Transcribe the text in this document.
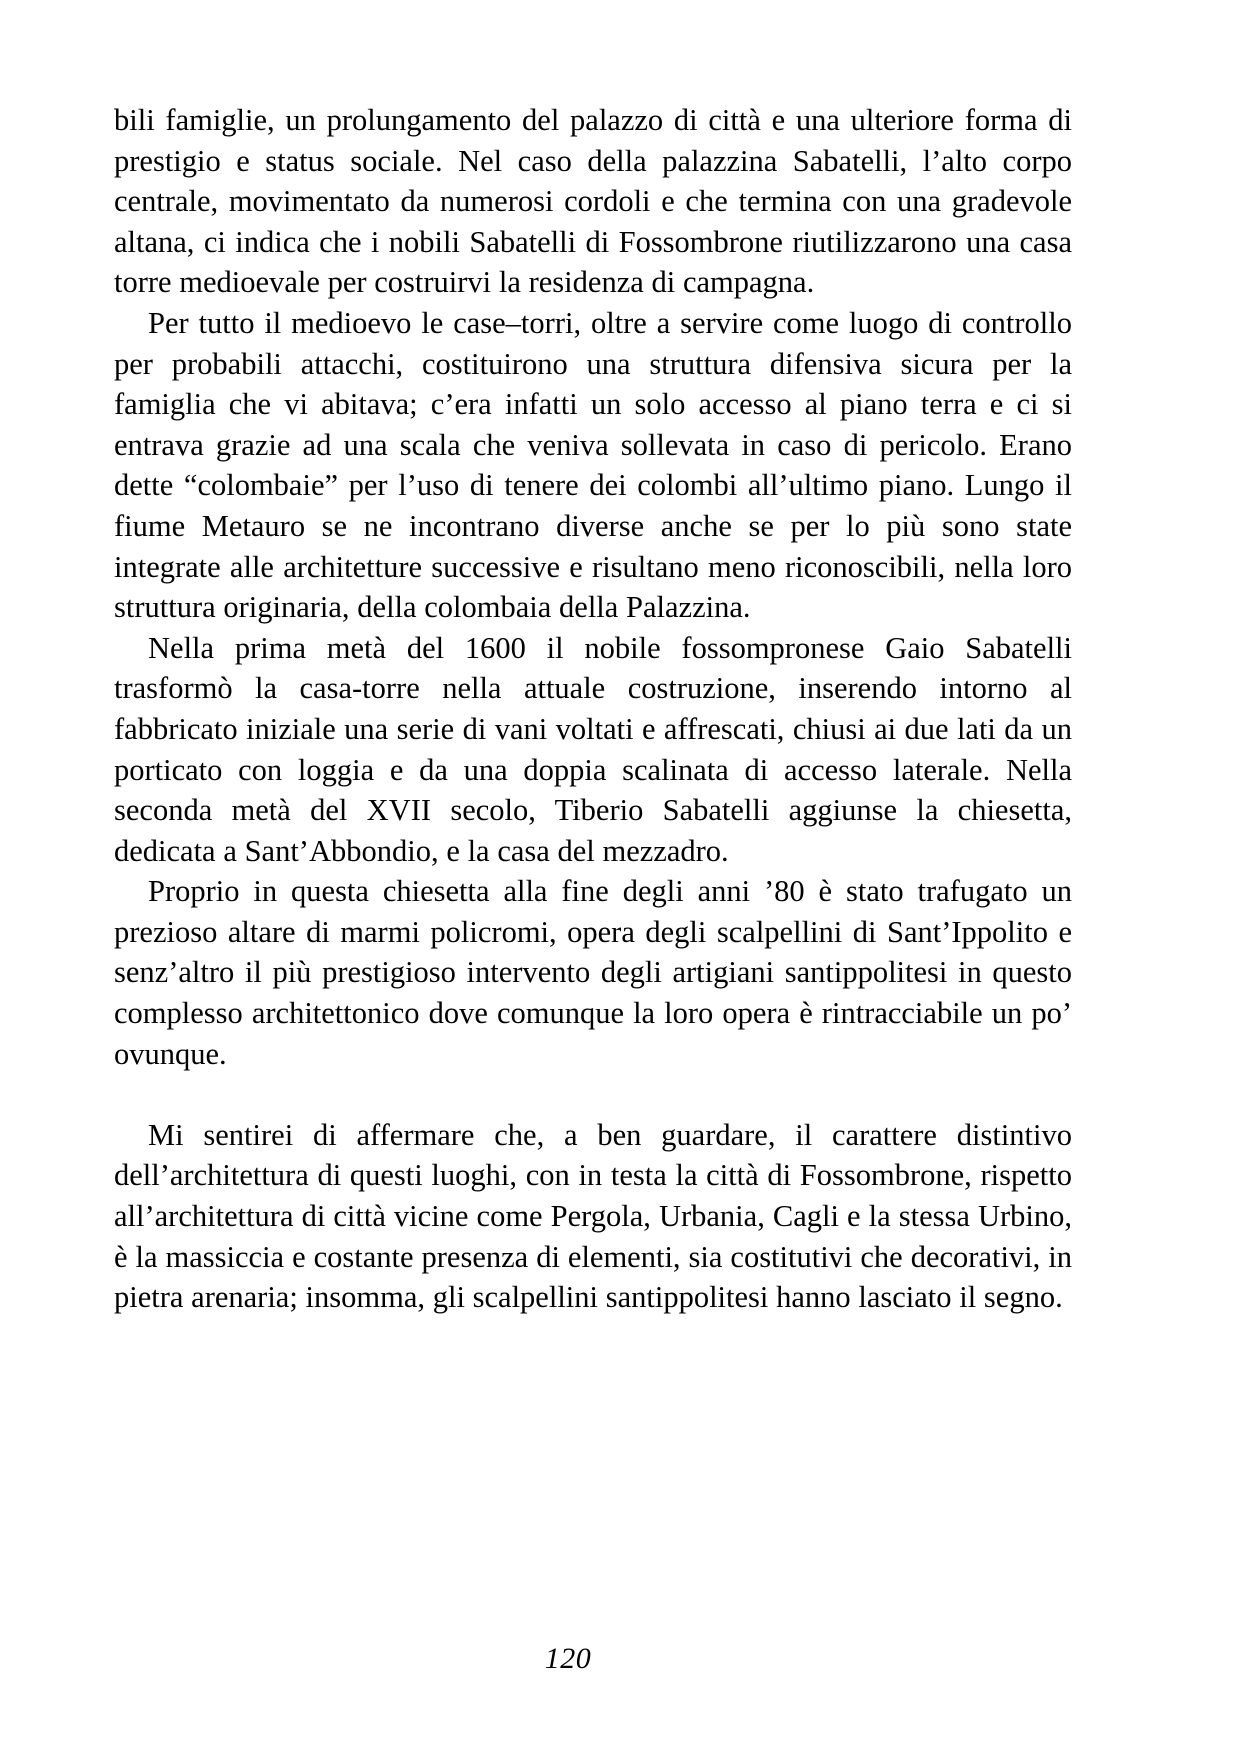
bili famiglie, un prolungamento del palazzo di città e una ulteriore forma di prestigio e status sociale. Nel caso della palazzina Sabatelli, l’alto corpo centrale, movimentato da numerosi cordoli e che termina con una gradevole altana, ci indica che i nobili Sabatelli di Fossombrone riutilizzarono una casa torre medioevale per costruirvi la residenza di campagna.

Per tutto il medioevo le case–torri, oltre a servire come luogo di controllo per probabili attacchi, costituirono una struttura difensiva sicura per la famiglia che vi abitava; c’era infatti un solo accesso al piano terra e ci si entrava grazie ad una scala che veniva sollevata in caso di pericolo. Erano dette “colombaie” per l’uso di tenere dei colombi all’ultimo piano. Lungo il fiume Metauro se ne incontrano diverse anche se per lo più sono state integrate alle architetture successive e risultano meno riconoscibili, nella loro struttura originaria, della colombaia della Palazzina.

Nella prima metà del 1600 il nobile fossompronese Gaio Sabatelli trasformò la casa-torre nella attuale costruzione, inserendo intorno al fabbricato iniziale una serie di vani voltati e affrescati, chiusi ai due lati da un porticato con loggia e da una doppia scalinata di accesso laterale. Nella seconda metà del XVII secolo, Tiberio Sabatelli aggiunse la chiesetta, dedicata a Sant’Abbondio, e la casa del mezzadro.

Proprio in questa chiesetta alla fine degli anni ’80 è stato trafugato un prezioso altare di marmi policromi, opera degli scalpellini di Sant’Ippolito e senz’altro il più prestigioso intervento degli artigiani santippolitesi in questo complesso architettonico dove comunque la loro opera è rintracciabile un po’ ovunque.

Mi sentirei di affermare che, a ben guardare, il carattere distintivo dell’architettura di questi luoghi, con in testa la città di Fossombrone, rispetto all’architettura di città vicine come Pergola, Urbania, Cagli e la stessa Urbino, è la massiccia e costante presenza di elementi, sia costitutivi che decorativi, in pietra arenaria; insomma, gli scalpellini santippolitesi hanno lasciato il segno.

120
